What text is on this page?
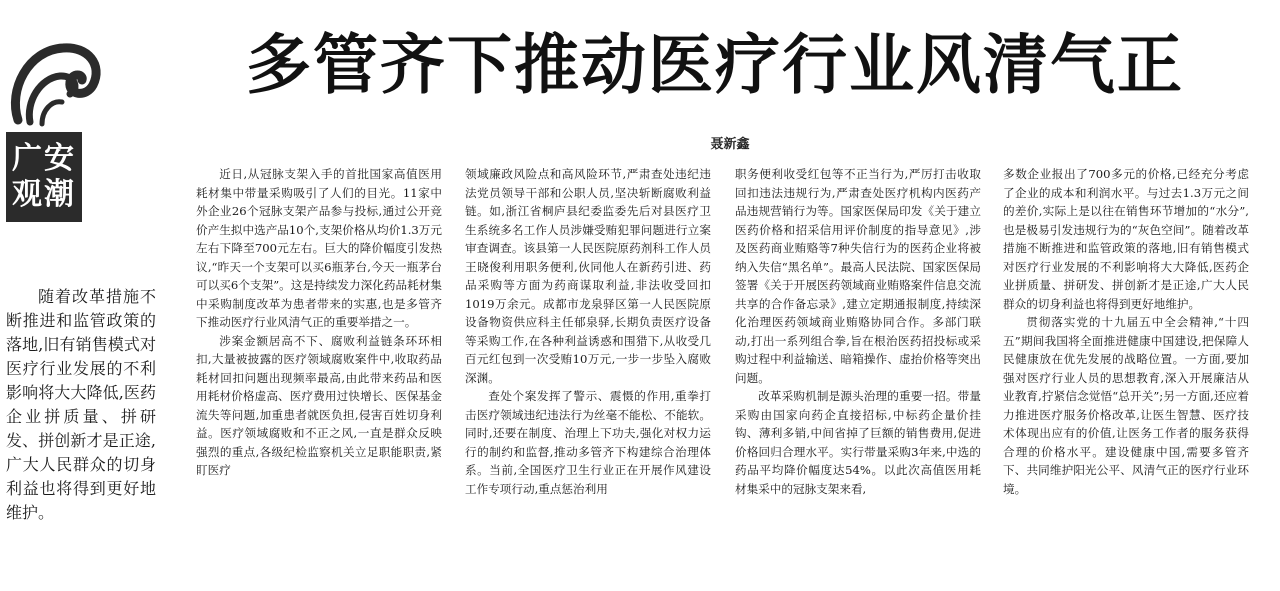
广安
观潮
多管齐下推动医疗行业风清气正
聂新鑫

随着改革措施不断推进和监管政策的落地,旧有销售模式对医疗行业发展的不利影响将大大降低,医药企业拼质量、拼研发、拼创新才是正途,广大人民群众的切身利益也将得到更好地维护。

近日,从冠脉支架入手的首批国家高值医用耗材集中带量采购吸引了人们的目光。11家中外企业26个冠脉支架产品参与投标,通过公开竞价产生拟中选产品10个,支架价格从均价1.3万元左右下降至700元左右。巨大的降价幅度引发热议,“昨天一个支架可以买6瓶茅台,今天一瓶茅台可以买6个支架”。这是持续发力深化药品耗材集中采购制度改革为患者带来的实惠,也是多管齐下推动医疗行业风清气正的重要举措之一。

涉案金额居高不下、腐败利益链条环环相扣,大量被披露的医疗领域腐败案件中,收取药品耗材回扣问题出现频率最高,由此带来药品和医用耗材价格虚高、医疗费用过快增长、医保基金流失等问题,加重患者就医负担,侵害百姓切身利益。医疗领域腐败和不正之风,一直是群众反映强烈的重点,各级纪检监察机关立足职能职责,紧盯医疗

领域廉政风险点和高风险环节,严肃查处违纪违法党员领导干部和公职人员,坚决斩断腐败利益链。如,浙江省桐庐县纪委监委先后对县医疗卫生系统多名工作人员涉嫌受贿犯罪问题进行立案审查调查。该县第一人民医院原药剂科工作人员王晓俊利用职务便利,伙同他人在新药引进、药品采购等方面为药商谋取利益,非法收受回扣1019万余元。成都市龙泉驿区第一人民医院原设备物资供应科主任郁泉驿,长期负责医疗设备等采购工作,在各种利益诱惑和围猎下,从收受几百元红包到一次受贿10万元,一步一步坠入腐败深渊。

查处个案发挥了警示、震慑的作用,重拳打击医疗领域违纪违法行为丝毫不能松、不能软。同时,还要在制度、治理上下功夫,强化对权力运行的制约和监督,推动多管齐下构建综合治理体系。当前,全国医疗卫生行业正在开展作风建设工作专项行动,重点惩治利用

职务便利收受红包等不正当行为,严厉打击收取回扣违法违规行为,严肃查处医疗机构内医药产品违规营销行为等。国家医保局印发《关于建立医药价格和招采信用评价制度的指导意见》,涉及医药商业贿赂等7种失信行为的医药企业将被纳入失信“黑名单”。最高人民法院、国家医保局签署《关于开展医药领域商业贿赂案件信息交流共享的合作备忘录》,建立定期通报制度,持续深化治理医药领域商业贿赂协同合作。多部门联动,打出一系列组合拳,旨在根治医药招投标或采购过程中利益输送、暗箱操作、虚抬价格等突出问题。

改革采购机制是源头治理的重要一招。带量采购由国家向药企直接招标,中标药企量价挂钩、薄利多销,中间省掉了巨额的销售费用,促进价格回归合理水平。实行带量采购3年来,中选的药品平均降价幅度达54%。以此次高值医用耗材集采中的冠脉支架来看,

多数企业报出了700多元的价格,已经充分考虑了企业的成本和利润水平。与过去1.3万元之间的差价,实际上是以往在销售环节增加的“水分”,也是极易引发违规行为的“灰色空间”。随着改革措施不断推进和监管政策的落地,旧有销售模式对医疗行业发展的不利影响将大大降低,医药企业拼质量、拼研发、拼创新才是正途,广大人民群众的切身利益也将得到更好地维护。

贯彻落实党的十九届五中全会精神,“十四五”期间我国将全面推进健康中国建设,把保障人民健康放在优先发展的战略位置。一方面,要加强对医疗行业人员的思想教育,深入开展廉洁从业教育,拧紧信念觉悟“总开关”;另一方面,还应着力推进医疗服务价格改革,让医生智慧、医疗技术体现出应有的价值,让医务工作者的服务获得合理的价格水平。建设健康中国,需要多管齐下、共同维护阳光公平、风清气正的医疗行业环境。
